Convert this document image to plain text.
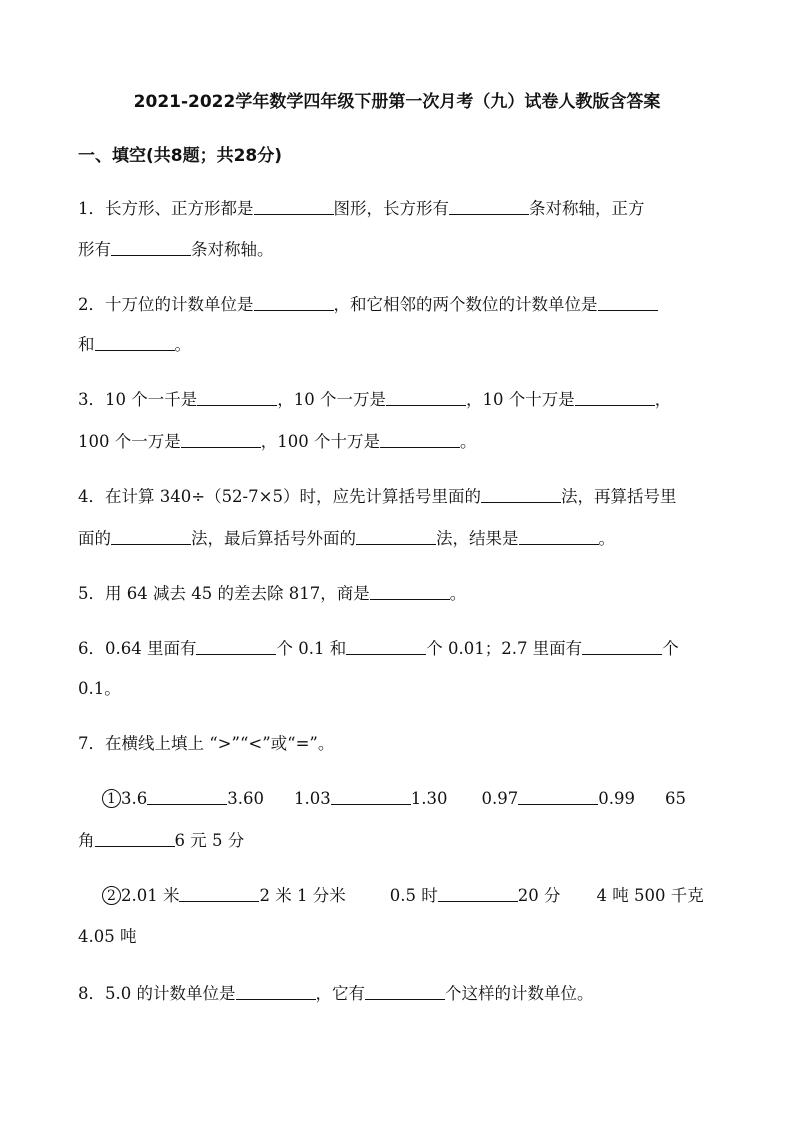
2021-2022学年数学四年级下册第一次月考（九）试卷人教版含答案
一、填空(共8题；共28分)
1．长方形、正方形都是	图形，长方形有	条对称轴，正方
形有	条对称轴。
2．十万位的计数单位是	，和它相邻的两个数位的计数单位是
和	。
3．10 个一千是	，10 个一万是	，10 个十万是	，
100 个一万是	，100 个十万是	。
4．在计算 340÷（52-7×5）时，应先计算括号里面的	法，再算括号里
面的	法，最后算括号外面的	法，结果是	。
5．用 64 减去 45 的差去除 817，商是	。
6．0.64 里面有	个 0.1 和	个 0.01；2.7 里面有	个
0.1。
7．在横线上填上 “>”“<”或“=”。
1 3.6	3.60 1.03	1.30 0.97	0.99 65
角	6 元 5 分
2 2.01 米	2 米 1 分米	0.5 时	20 分 4 吨 500 千克
4.05 吨
8．5.0 的计数单位是	，它有	个这样的计数单位。
